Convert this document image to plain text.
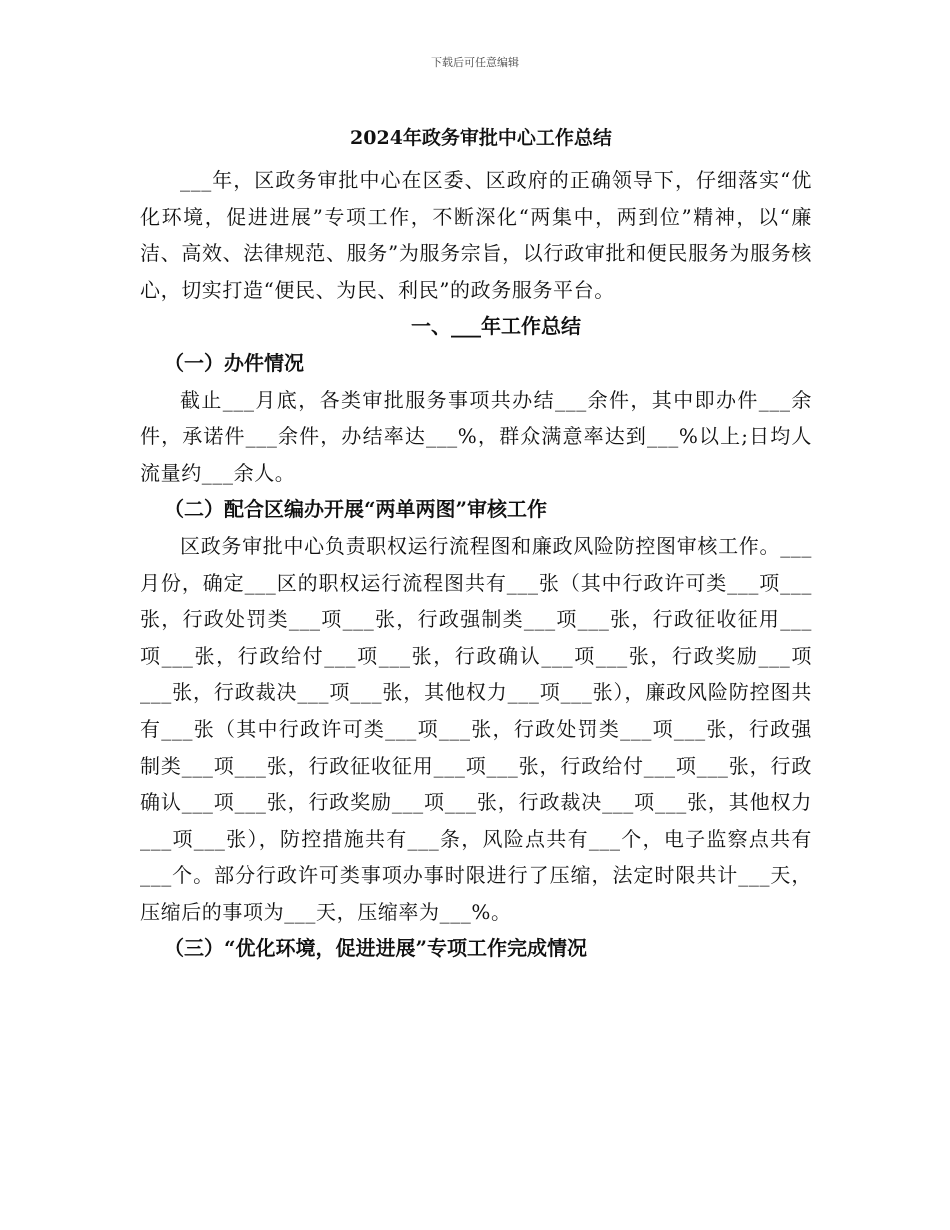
下载后可任意编辑
2024年政务审批中心工作总结

___年，区政务审批中心在区委、区政府的正确领导下，仔细落实“优化环境，促进进展”专项工作，不断深化“两集中，两到位”精神，以“廉洁、高效、法律规范、服务”为服务宗旨，以行政审批和便民服务为服务核心，切实打造“便民、为民、利民”的政务服务平台。

一、___年工作总结
（一）办件情况

截止___月底，各类审批服务事项共办结___余件，其中即办件___余件，承诺件___余件，办结率达___%，群众满意率达到___%以上;日均人流量约___余人。

（二）配合区编办开展“两单两图”审核工作

区政务审批中心负责职权运行流程图和廉政风险防控图审核工作。___月份，确定___区的职权运行流程图共有___张（其中行政许可类___项___张，行政处罚类___项___张，行政强制类___项___张，行政征收征用___项___张，行政给付___项___张，行政确认___项___张，行政奖励___项___张，行政裁决___项___张，其他权力___项___张），廉政风险防控图共有___张（其中行政许可类___项___张，行政处罚类___项___张，行政强制类___项___张，行政征收征用___项___张，行政给付___项___张，行政确认___项___张，行政奖励___项___张，行政裁决___项___张，其他权力___项___张），防控措施共有___条，风险点共有___个，电子监察点共有___个。部分行政许可类事项办事时限进行了压缩，法定时限共计___天，压缩后的事项为___天，压缩率为___%。

（三）“优化环境，促进进展”专项工作完成情况
